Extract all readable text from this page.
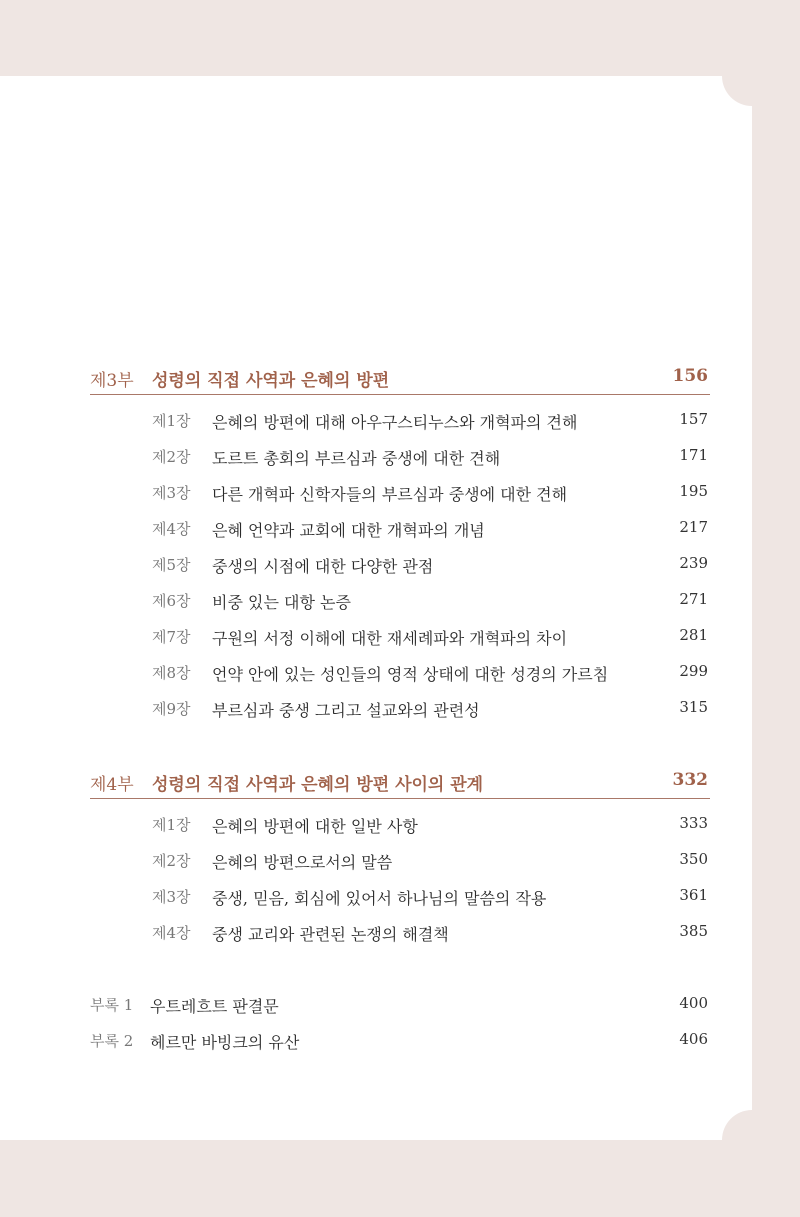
제3부 성령의 직접 사역과 은혜의 방편	156
제1장 은혜의 방편에 대해 아우구스티누스와 개혁파의 견해	157
제2장 도르트 총회의 부르심과 중생에 대한 견해	171
제3장 다른 개혁파 신학자들의 부르심과 중생에 대한 견해	195
제4장 은혜 언약과 교회에 대한 개혁파의 개념	217
제5장 중생의 시점에 대한 다양한 관점	239
제6장 비중 있는 대항 논증	271
제7장 구원의 서정 이해에 대한 재세례파와 개혁파의 차이	281
제8장 언약 안에 있는 성인들의 영적 상태에 대한 성경의 가르침	299
제9장 부르심과 중생 그리고 설교와의 관련성	315
제4부 성령의 직접 사역과 은혜의 방편 사이의 관계	332
제1장 은혜의 방편에 대한 일반 사항	333
제2장 은혜의 방편으로서의 말씀	350
제3장 중생, 믿음, 회심에 있어서 하나님의 말씀의 작용	361
제4장 중생 교리와 관련된 논쟁의 해결책	385
부록 1 우트레흐트 판결문	400
부록 2 헤르만 바빙크의 유산	406
